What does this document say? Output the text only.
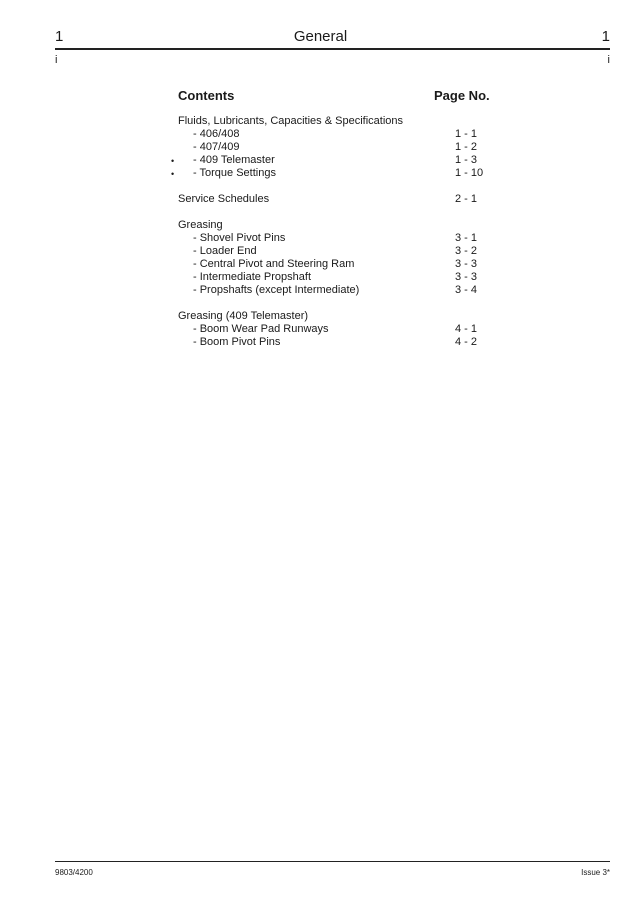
1	General	1
i	i
Contents	Page No.
Fluids, Lubricants, Capacities & Specifications
- 406/408	1 - 1
- 407/409	1 - 2
- 409 Telemaster	1 - 3
•
- Torque Settings	1 - 10
•
Service Schedules	2 - 1
Greasing
- Shovel Pivot Pins	3 - 1
- Loader End	3 - 2
- Central Pivot and Steering Ram	3 - 3
- Intermediate Propshaft	3 - 3
- Propshafts (except Intermediate)	3 - 4
Greasing (409 Telemaster)
- Boom Wear Pad Runways	4 - 1
- Boom Pivot Pins	4 - 2
9803/4200	Issue 3*
